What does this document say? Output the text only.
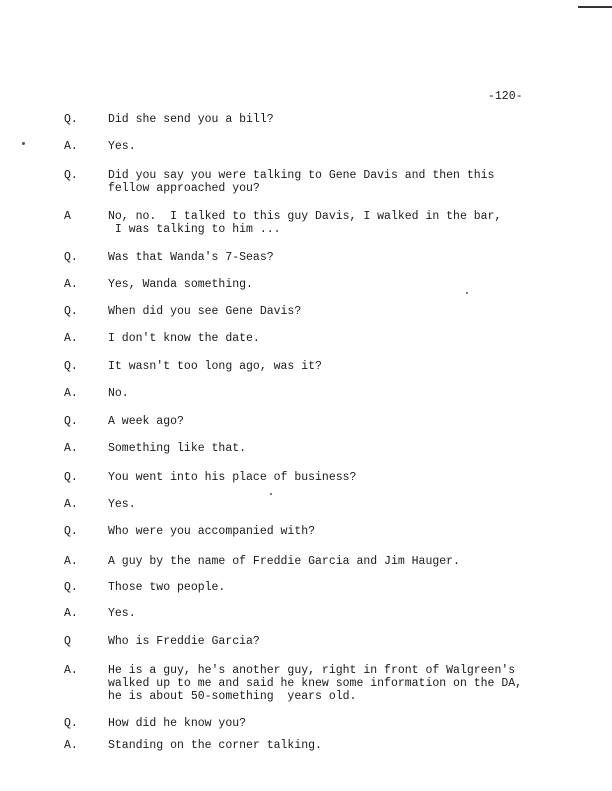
-120-
Q.	Did she send you a bill?
A.	Yes.
Q.	Did you say you were talking to Gene Davis and then this
fellow approached you?
A	No, no.  I talked to this guy Davis, I walked in the bar,
I was talking to him ...
Q.	Was that Wanda's 7-Seas?
A.	Yes, Wanda something.
Q.	When did you see Gene Davis?
A.	I don't know the date.
Q.	It wasn't too long ago, was it?
A.	No.
Q.	A week ago?
A.	Something like that.
Q.	You went into his place of business?
A.	Yes.
Q.	Who were you accompanied with?
A.	A guy by the name of Freddie Garcia and Jim Hauger.
Q.	Those two people.
A.	Yes.
Q	Who is Freddie Garcia?
A.	He is a guy, he's another guy, right in front of Walgreen's
walked up to me and said he knew some information on the DA,
he is about 50-something  years old.
Q.	How did he know you?
A.	Standing on the corner talking.
